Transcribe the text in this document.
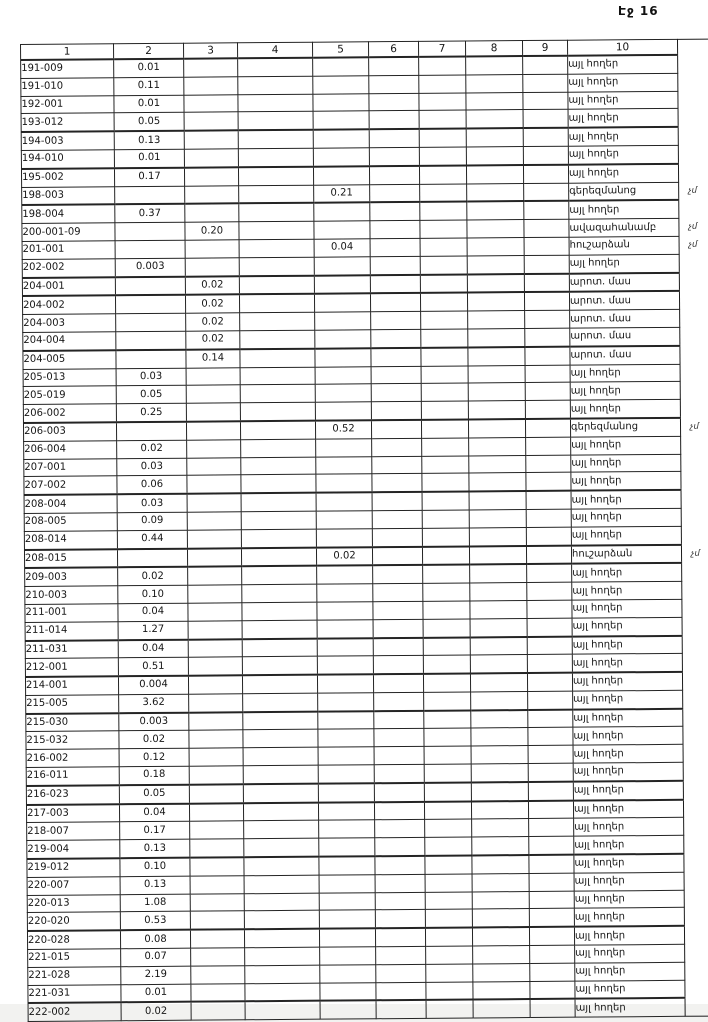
Էջ 16
1	2	3	4	5	6	7	8	9	10	
191-009	0.01								այլ հողեր	
191-010	0.11								այլ հողեր	
192-001	0.01								այլ հողեր	
193-012	0.05								այլ հողեր	
194-003	0.13								այլ հողեր	
194-010	0.01								այլ հողեր	
195-002	0.17								այլ հողեր	
198-003				0.21					գերեզմանոց	չմ
198-004	0.37								այլ հողեր	
200-001-09		0.20							ավազահանամբ	չմ
201-001				0.04					հուշարձան	չմ
202-002	0.003								այլ հողեր	
204-001		0.02							արոտ. մաս	
204-002		0.02							արոտ. մաս	
204-003		0.02							արոտ. մաս	
204-004		0.02							արոտ. մաս	
204-005		0.14							արոտ. մաս	
205-013	0.03								այլ հողեր	
205-019	0.05								այլ հողեր	
206-002	0.25								այլ հողեր	
206-003				0.52					գերեզմանոց	չմ
206-004	0.02								այլ հողեր	
207-001	0.03								այլ հողեր	
207-002	0.06								այլ հողեր	
208-004	0.03								այլ հողեր	
208-005	0.09								այլ հողեր	
208-014	0.44								այլ հողեր	
208-015				0.02					հուշարձան	չմ
209-003	0.02								այլ հողեր	
210-003	0.10								այլ հողեր	
211-001	0.04								այլ հողեր	
211-014	1.27								այլ հողեր	
211-031	0.04								այլ հողեր	
212-001	0.51								այլ հողեր	
214-001	0.004								այլ հողեր	
215-005	3.62								այլ հողեր	
215-030	0.003								այլ հողեր	
215-032	0.02								այլ հողեր	
216-002	0.12								այլ հողեր	
216-011	0.18								այլ հողեր	
216-023	0.05								այլ հողեր	
217-003	0.04								այլ հողեր	
218-007	0.17								այլ հողեր	
219-004	0.13								այլ հողեր	
219-012	0.10								այլ հողեր	
220-007	0.13								այլ հողեր	
220-013	1.08								այլ հողեր	
220-020	0.53								այլ հողեր	
220-028	0.08								այլ հողեր	
221-015	0.07								այլ հողեր	
221-028	2.19								այլ հողեր	
221-031	0.01								այլ հողեր	
222-002	0.02								այլ հողեր	
